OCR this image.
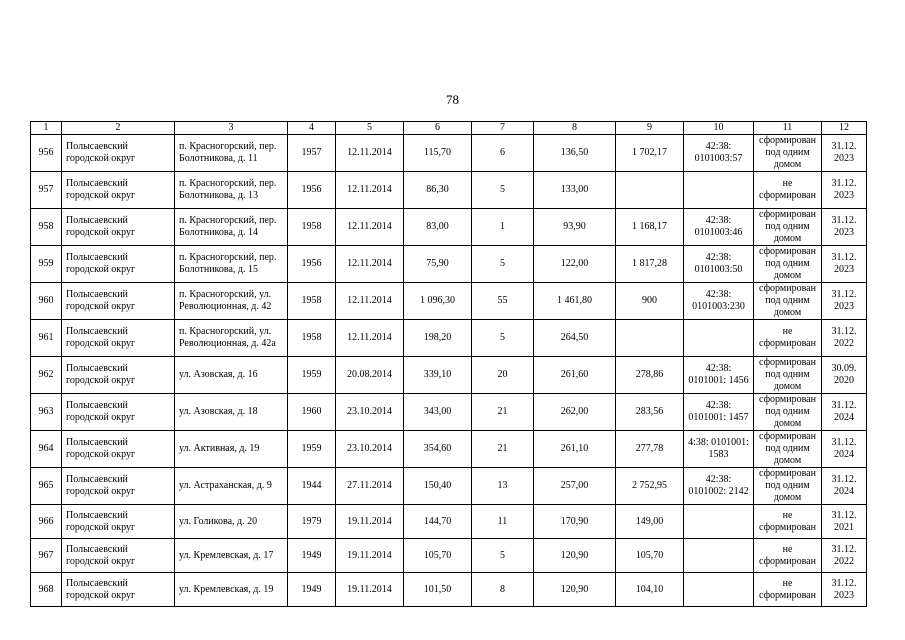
78
1	2	3	4	5	6	7	8	9	10	11	12
956	Полысаевский городской округ	п. Красногорский, пер. Болотникова, д. 11	1957	12.11.2014	115,70	6	136,50	1 702,17	42:38: 0101003:57	сформирован под одним домом	31.12. 2023
957	Полысаевский городской округ	п. Красногорский, пер. Болотникова, д. 13	1956	12.11.2014	86,30	5	133,00			не сформирован	31.12. 2023
958	Полысаевский городской округ	п. Красногорский, пер. Болотникова, д. 14	1958	12.11.2014	83,00	1	93,90	1 168,17	42:38: 0101003:46	сформирован под одним домом	31.12. 2023
959	Полысаевский городской округ	п. Красногорский, пер. Болотникова, д. 15	1956	12.11.2014	75,90	5	122,00	1 817,28	42:38: 0101003:50	сформирован под одним домом	31.12. 2023
960	Полысаевский городской округ	п. Красногорский, ул. Революционная, д. 42	1958	12.11.2014	1 096,30	55	1 461,80	900	42:38: 0101003:230	сформирован под одним домом	31.12. 2023
961	Полысаевский городской округ	п. Красногорский, ул. Революционная, д. 42а	1958	12.11.2014	198,20	5	264,50			не сформирован	31.12. 2022
962	Полысаевский городской округ	ул. Азовская, д. 16	1959	20.08.2014	339,10	20	261,60	278,86	42:38: 0101001: 1456	сформирован под одним домом	30.09. 2020
963	Полысаевский городской округ	ул. Азовская, д. 18	1960	23.10.2014	343,00	21	262,00	283,56	42:38: 0101001: 1457	сформирован под одним домом	31.12. 2024
964	Полысаевский городской округ	ул. Активная, д. 19	1959	23.10.2014	354,60	21	261,10	277,78	4:38: 0101001: 1583	сформирован под одним домом	31.12. 2024
965	Полысаевский городской округ	ул. Астраханская, д. 9	1944	27.11.2014	150,40	13	257,00	2 752,95	42:38: 0101002: 2142	сформирован под одним домом	31.12. 2024
966	Полысаевский городской округ	ул. Голикова, д. 20	1979	19.11.2014	144,70	11	170,90	149,00		не сформирован	31.12. 2021
967	Полысаевский городской округ	ул. Кремлевская, д. 17	1949	19.11.2014	105,70	5	120,90	105,70		не сформирован	31.12. 2022
968	Полысаевский городской округ	ул. Кремлевская, д. 19	1949	19.11.2014	101,50	8	120,90	104,10		не сформирован	31.12. 2023
